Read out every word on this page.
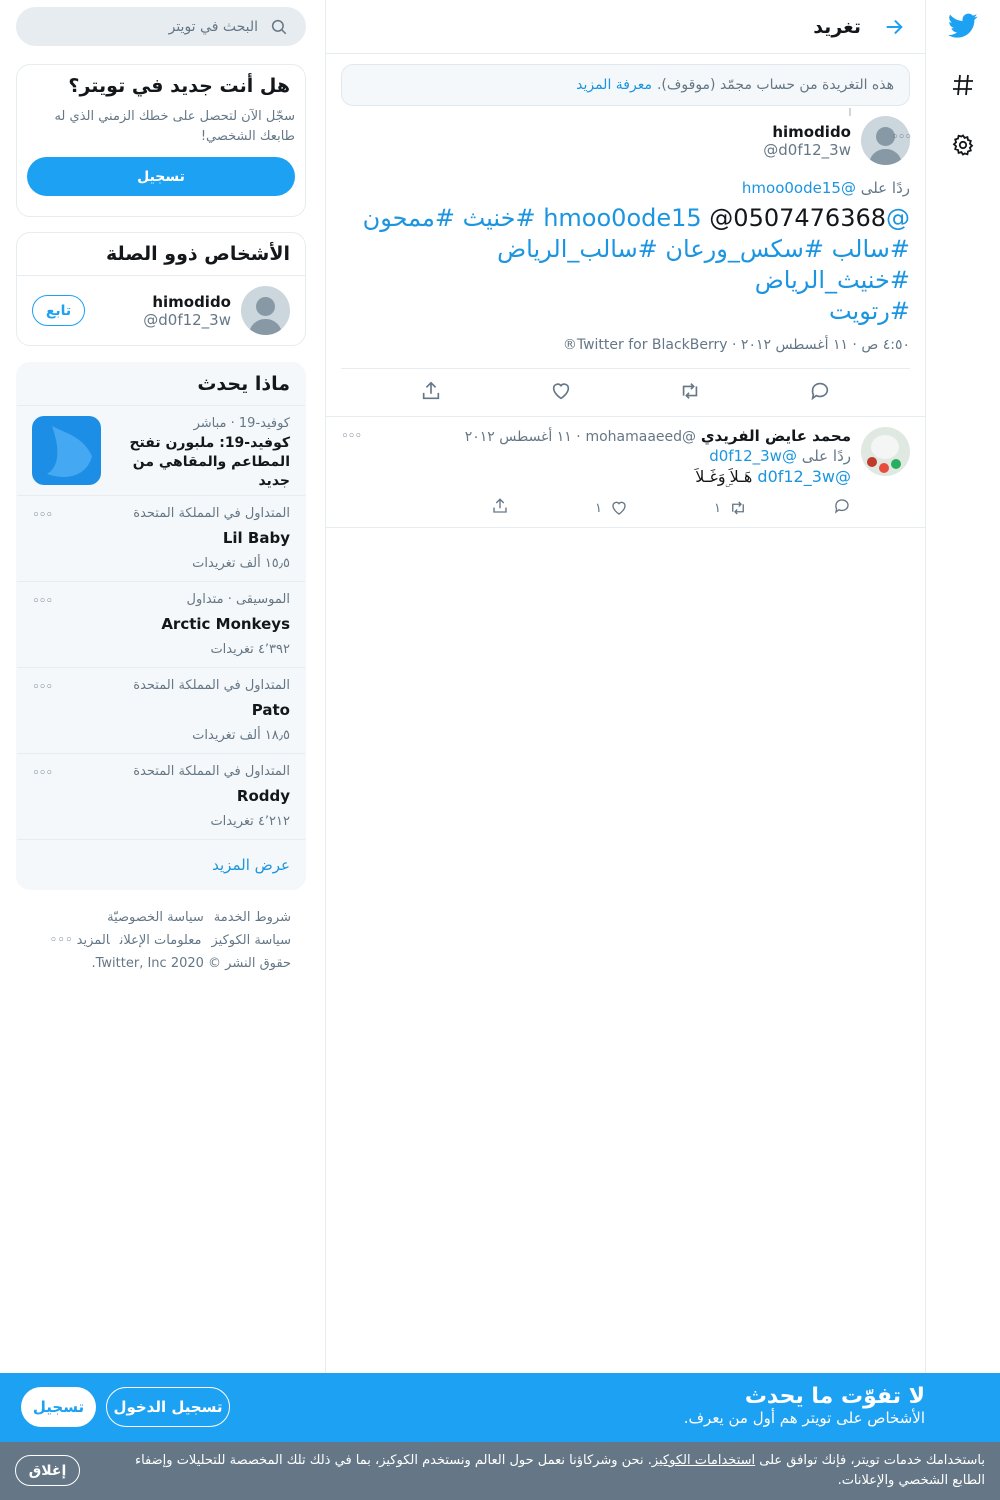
تغريد
هذه التغريدة من حساب مجمّد (موقوف).
معرفة المزيد
himodido
@d0f12_3w
◦◦◦
ردًا على @hmoo0ode15
@hmoo0ode15 @0507476368 #خنيث #ممحون
#سالب #سكس_ورعان #سالب_الرياض #خنيث_الرياض
#رتويت
٤:٥٠ ص · ١١ أغسطس ٢٠١٢ · Twitter for BlackBerry®
محمد عايض الفريدي @mohamaaeed · ١١ أغسطس ٢٠١٢
◦◦◦
ردًا على @d0f12_3w
@d0f12_3w هَـلاَ ۣوَغَـلاَ
١
١
البحث في تويتر
هل أنت جديد في تويتر؟
سجّل الآن لتحصل على خطك الزمني الذي له طابعك الشخصي!
تسجيل
الأشخاص ذوو الصلة
himodido
@d0f12_3w
تابع
ماذا يحدث
كوفيد-19 · مباشر
كوفيد-19: ملبورن تفتح المطاعم والمقاهي من جديد
المتداول في المملكة المتحدة
Lil Baby
١٥٫٥ ألف تغريدات
◦◦◦
الموسيقى · متداول
Arctic Monkeys
٤٬٣٩٢ تغريدات
◦◦◦
المتداول في المملكة المتحدة
Pato
١٨٫٥ ألف تغريدات
◦◦◦
المتداول في المملكة المتحدة
Roddy
٤٬٢١٢ تغريدات
◦◦◦
عرض المزيد
شروط الخدمةسياسة الخصوصيّة
سياسة الكوكيزمعلومات الإعلانالمزيد ◦◦◦
حقوق النشر © Twitter, Inc 2020.
لا تفوّت ما يحدث
الأشخاص على تويتر هم أول من يعرف.
تسجيل الدخول
تسجيل
باستخدامك خدمات تويتر، فإنك توافق على استخدامات الكوكيز. نحن وشركاؤنا نعمل حول العالم ونستخدم الكوكيز، بما في ذلك تلك المخصصة للتحليلات وإضفاء الطابع الشخصي والإعلانات.
إغلاق
